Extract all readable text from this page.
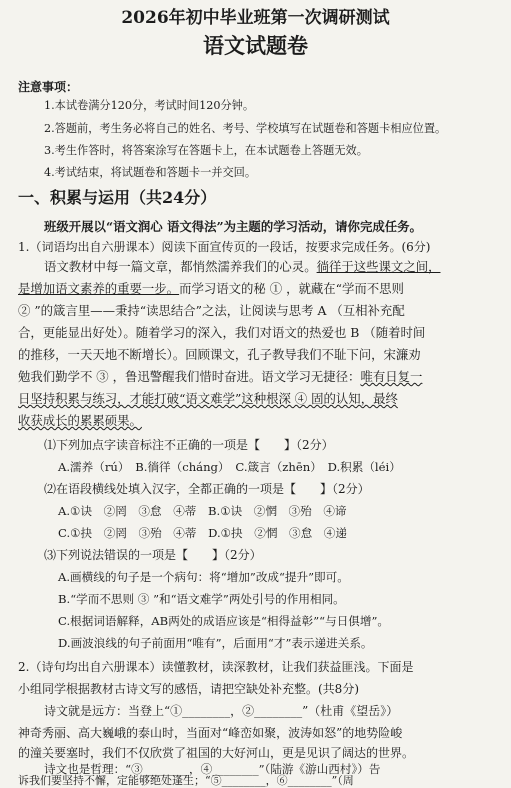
2026年初中毕业班第一次调研测试
语文试题卷
注意事项：
1.本试卷满分120分，考试时间120分钟。
2.答题前，考生务必将自己的姓名、考号、学校填写在试题卷和答题卡相应位置。
3.考生作答时，将答案涂写在答题卡上，在本试题卷上答题无效。
4.考试结束，将试题卷和答题卡一并交回。
一、积累与运用（共24分）
班级开展以“语文润心 语文得法”为主题的学习活动，请你完成任务。
1.（词语均出自六册课本）阅读下面宣传页的一段话，按要求完成任务。(6分)
语文教材中每一篇文章，都悄然濡养我们的心灵。徜徉于这些课文之间，
是增加语文素养的重要一步。而学习语文的秘 ① ，就藏在“学而不思则
② ”的箴言里——秉持“读思结合”之法，让阅读与思考 A （互相补充配
合，更能显出好处）。随着学习的深入，我们对语文的热爱也 B （随着时间
的推移，一天天地不断增长）。回顾课文，孔子教导我们不耻下问，宋濂劝
勉我们勤学不 ③ ，鲁迅警醒我们惜时奋进。语文学习无捷径：唯有日复一
日坚持积累与练习，才能打破“语文难学”这种根深 ④ 固的认知，最终
收获成长的累累硕果。
⑴下列加点字读音标注不正确的一项是【　　】（2分）
A.濡养（rú）　B.徜徉（cháng）　C.箴言（zhēn）　D.积累（léi）
⑵在语段横线处填入汉字，全都正确的一项是【　　】（2分）
A.①诀　②罔　③怠　④蒂　B.①诀　②惘　③殆　④谛
C.①抉　②罔　③殆　④蒂　D.①抉　②惘　③怠　④递
⑶下列说法错误的一项是【　　】（2分）
A.画横线的句子是一个病句：将“增加”改成“提升”即可。
B.“学而不思则 ③ ”和“语文难学”两处引号的作用相同。
C.根据词语解释，AB两处的成语应该是“相得益彰”“与日俱增”。
D.画波浪线的句子前面用“唯有”，后面用“才”表示递进关系。
2.（诗句均出自六册课本）读懂教材，读深教材，让我们获益匪浅。下面是
小组同学根据教材古诗文写的感悟，请把空缺处补充整。(共8分)
诗文就是远方：当登上“①________，②________”（杜甫《望岳》）
神奇秀丽、高大巍峨的泰山时，当面对“峰峦如聚，波涛如怒”的地势险峻
的潼关要塞时，我们不仅欣赏了祖国的大好河山，更是见识了阔达的世界。
诗文也是哲理：“③________，④________”（陆游《游山西村》）告
诉我们要坚持不懈，定能够绝处逢生；“⑤________，⑥________”（周
